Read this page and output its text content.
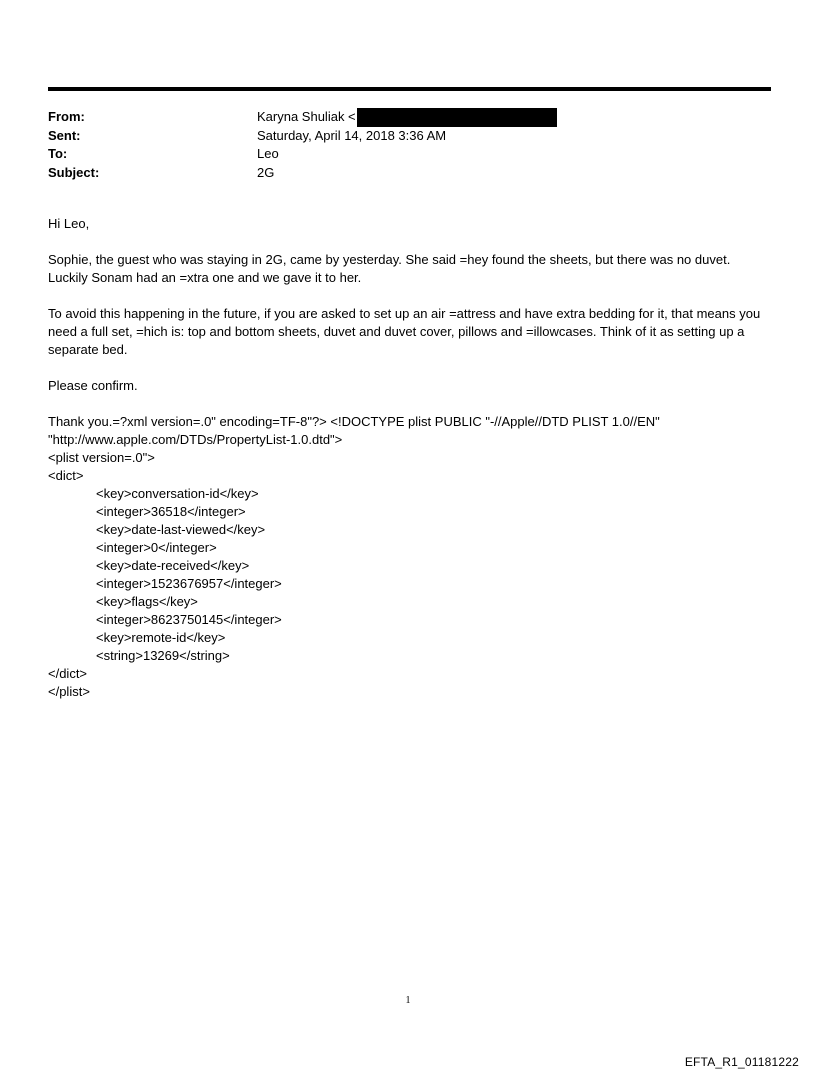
From:	Karyna Shuliak <
Sent:	Saturday, April 14, 2018 3:36 AM
To:	Leo
Subject:	2G

Hi Leo,

Sophie, the guest who was staying in 2G, came by yesterday. She said =hey found the sheets, but there was no duvet. Luckily Sonam had an =xtra one and we gave it to her.

To avoid this happening in the future, if you are asked to set up an air =attress and have extra bedding for it, that means you need a full set, =hich is: top and bottom sheets, duvet and duvet cover, pillows and =illowcases. Think of it as setting up a separate bed.

Please confirm.

Thank you.=?xml version=.0" encoding=TF-8"?> <!DOCTYPE plist PUBLIC "-//Apple//DTD PLIST 1.0//EN"
"http://www.apple.com/DTDs/PropertyList-1.0.dtd">
<plist version=.0">
<dict>
<key>conversation-id</key>
<integer>36518</integer>
<key>date-last-viewed</key>
<integer>0</integer>
<key>date-received</key>
<integer>1523676957</integer>
<key>flags</key>
<integer>8623750145</integer>
<key>remote-id</key>
<string>13269</string>
</dict>
</plist>
1
EFTA_R1_01181222
